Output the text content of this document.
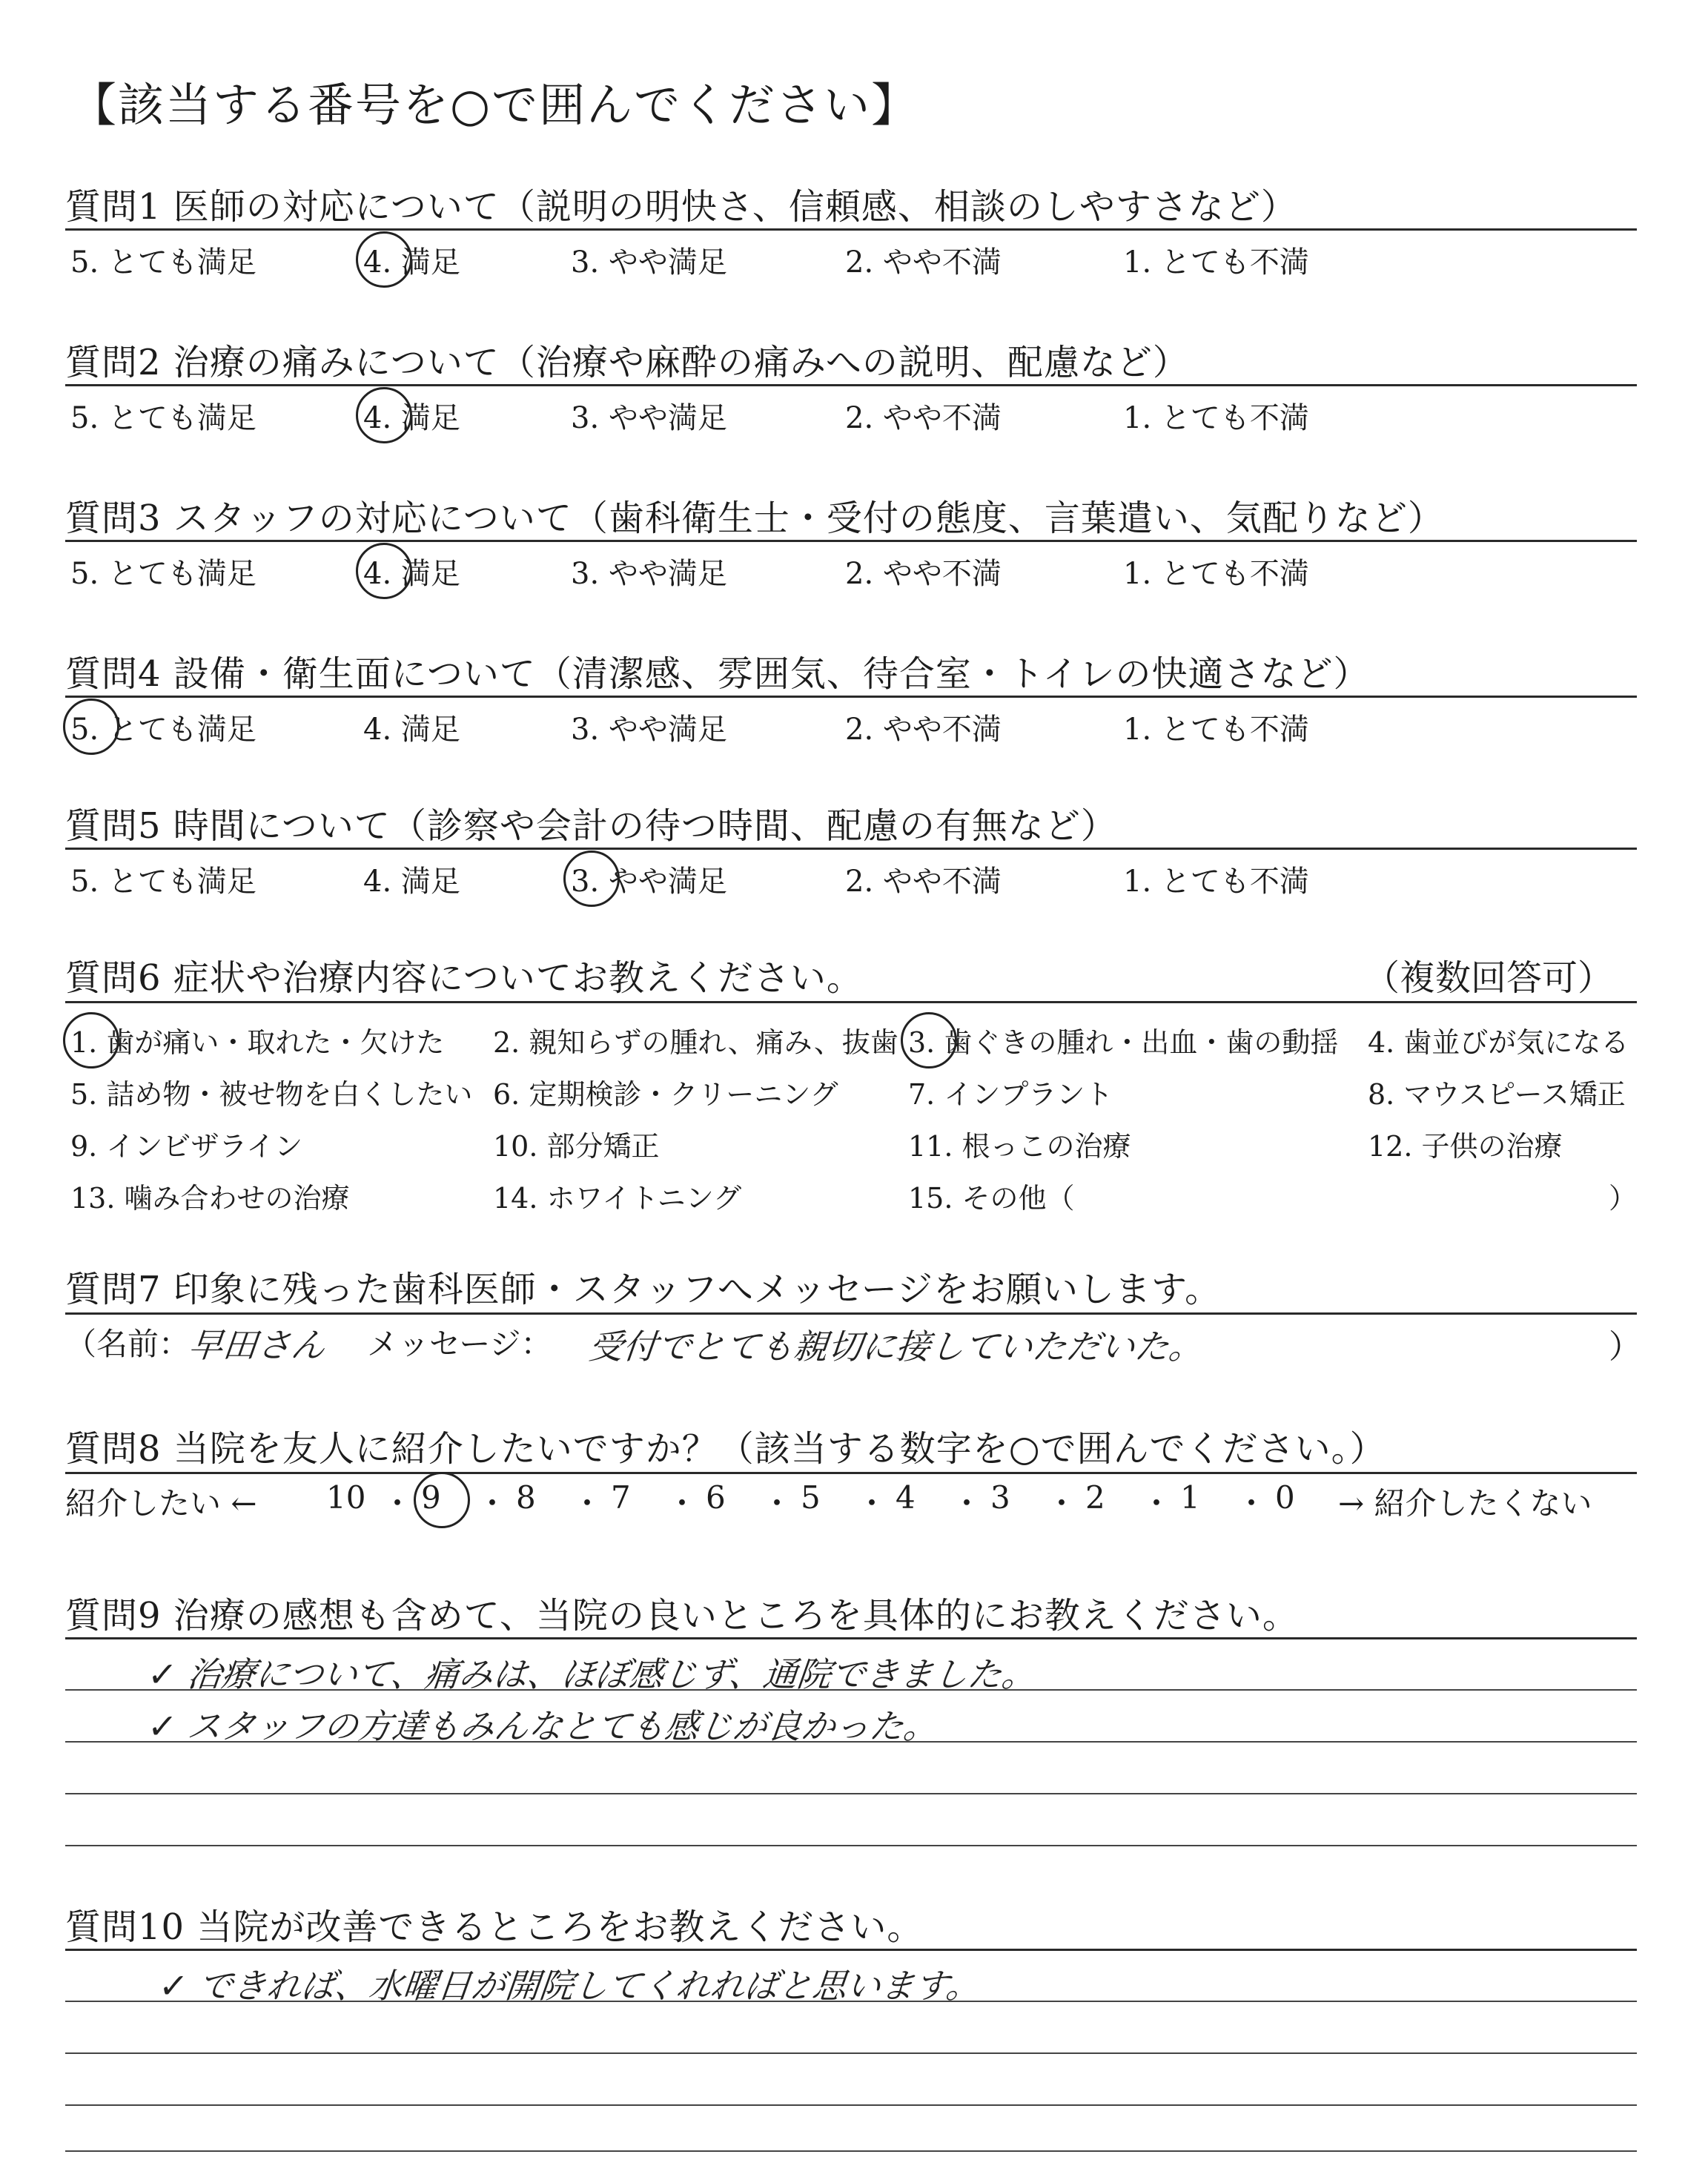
【該当する番号を○で囲んでください】
質問1 医師の対応について（説明の明快さ、信頼感、相談のしやすさなど）
5. とても満足	4. 満足	3. やや満足	2. やや不満	1. とても不満
質問2 治療の痛みについて（治療や麻酔の痛みへの説明、配慮など）
5. とても満足	4. 満足	3. やや満足	2. やや不満	1. とても不満
質問3 スタッフの対応について（歯科衛生士・受付の態度、言葉遣い、気配りなど）
5. とても満足	4. 満足	3. やや満足	2. やや不満	1. とても不満
質問4 設備・衛生面について（清潔感、雰囲気、待合室・トイレの快適さなど）
5. とても満足	4. 満足	3. やや満足	2. やや不満	1. とても不満
質問5 時間について（診察や会計の待つ時間、配慮の有無など）
5. とても満足	4. 満足	3. やや満足	2. やや不満	1. とても不満
質問6 症状や治療内容についてお教えください。	（複数回答可）
1. 歯が痛い・取れた・欠けた 2. 親知らずの腫れ、痛み、抜歯 3. 歯ぐきの腫れ・出血・歯の動揺 4. 歯並びが気になる
5. 詰め物・被せ物を白くしたい 6. 定期検診・クリーニング 7. インプラント	8. マウスピース矯正
9. インビザライン	10. 部分矯正	11. 根っこの治療	12. 子供の治療
13. 噛み合わせの治療	14. ホワイトニング	15. その他（	）
質問7 印象に残った歯科医師・スタッフへメッセージをお願いします。
（名前：
早田さん メッセージ： 受付でとても親切に接していただいた。	）
質問8 当院を友人に紹介したいですか？（該当する数字を○で囲んでください。）
紹介したい ←	→ 紹介したくない
10 ・ 9 ・ 8 ・ 7 ・ 6 ・ 5 ・ 4 ・ 3 ・ 2 ・ 1 ・ 0
質問9 治療の感想も含めて、当院の良いところを具体的にお教えください。
✓ 治療について、痛みは、ほぼ感じず、通院できました。
✓ スタッフの方達もみんなとても感じが良かった。
質問10 当院が改善できるところをお教えください。
✓ できれば、水曜日が開院してくれればと思います。
